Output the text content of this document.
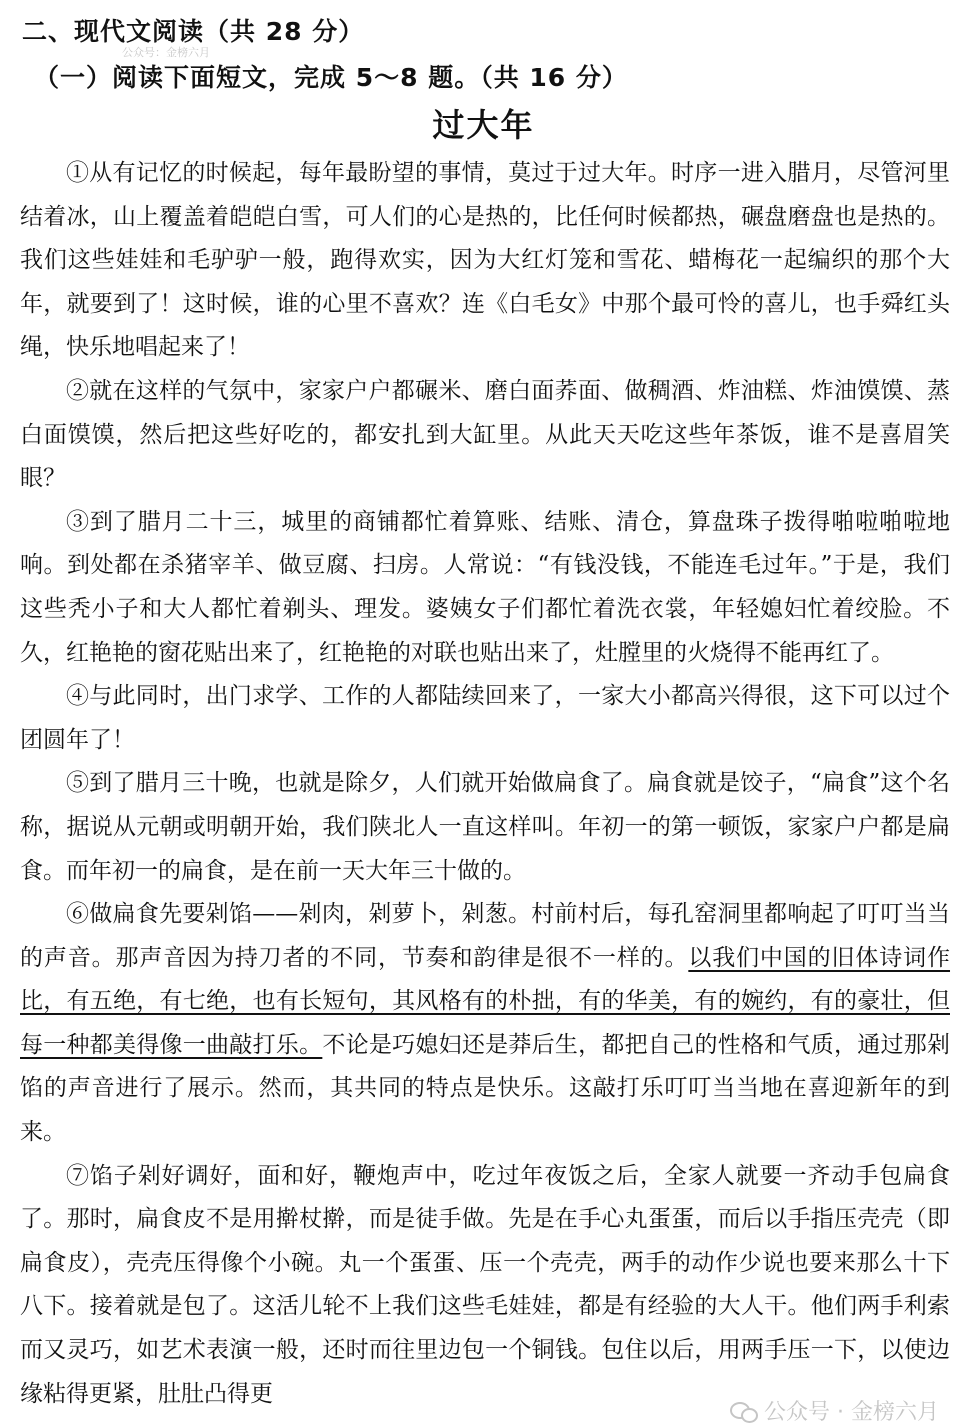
二、现代文阅读（共 28 分）
公众号：金榜六月
（一）阅读下面短文，完成 5～8 题。（共 16 分）
过大年

①从有记忆的时候起，每年最盼望的事情，莫过于过大年。时序一进入腊月，尽管河里结着冰，山上覆盖着皑皑白雪，可人们的心是热的，比任何时候都热，碾盘磨盘也是热的。我们这些娃娃和毛驴驴一般，跑得欢实，因为大红灯笼和雪花、蜡梅花一起编织的那个大年，就要到了！这时候，谁的心里不喜欢？连《白毛女》中那个最可怜的喜儿，也手舜红头绳，快乐地唱起来了！

②就在这样的气氛中，家家户户都碾米、磨白面荞面、做稠酒、炸油糕、炸油馍馍、蒸白面馍馍，然后把这些好吃的，都安扎到大缸里。从此天天吃这些年茶饭，谁不是喜眉笑眼？

③到了腊月二十三，城里的商铺都忙着算账、结账、清仓，算盘珠子拨得啪啦啪啦地响。到处都在杀猪宰羊、做豆腐、扫房。人常说：“有钱没钱，不能连毛过年。”于是，我们这些秃小子和大人都忙着剃头、理发。婆姨女子们都忙着洗衣裳，年轻媳妇忙着绞脸。不久，红艳艳的窗花贴出来了，红艳艳的对联也贴出来了，灶膛里的火烧得不能再红了。

④与此同时，出门求学、工作的人都陆续回来了，一家大小都高兴得很，这下可以过个团圆年了！

⑤到了腊月三十晚，也就是除夕，人们就开始做扁食了。扁食就是饺子，“扁食”这个名称，据说从元朝或明朝开始，我们陕北人一直这样叫。年初一的第一顿饭，家家户户都是扁食。而年初一的扁食，是在前一天大年三十做的。

⑥做扁食先要剁馅——剁肉，剁萝卜，剁葱。村前村后，每孔窑洞里都响起了叮叮当当的声音。那声音因为持刀者的不同，节奏和韵律是很不一样的。以我们中国的旧体诗词作比，有五绝，有七绝，也有长短句，其风格有的朴拙，有的华美，有的婉约，有的豪壮，但每一种都美得像一曲敲打乐。不论是巧媳妇还是莽后生，都把自己的性格和气质，通过那剁馅的声音进行了展示。然而，其共同的特点是快乐。这敲打乐叮叮当当地在喜迎新年的到来。

⑦馅子剁好调好，面和好，鞭炮声中，吃过年夜饭之后，全家人就要一齐动手包扁食了。那时，扁食皮不是用擀杖擀，而是徒手做。先是在手心丸蛋蛋，而后以手指压壳壳（即扁食皮），壳壳压得像个小碗。丸一个蛋蛋、压一个壳壳，两手的动作少说也要来那么十下八下。接着就是包了。这活儿轮不上我们这些毛娃娃，都是有经验的大人干。他们两手利索而又灵巧，如艺术表演一般，还时而往里边包一个铜钱。包住以后，用两手压一下，以使边缘粘得更紧，肚肚凸得更

公众号 · 金榜六月
